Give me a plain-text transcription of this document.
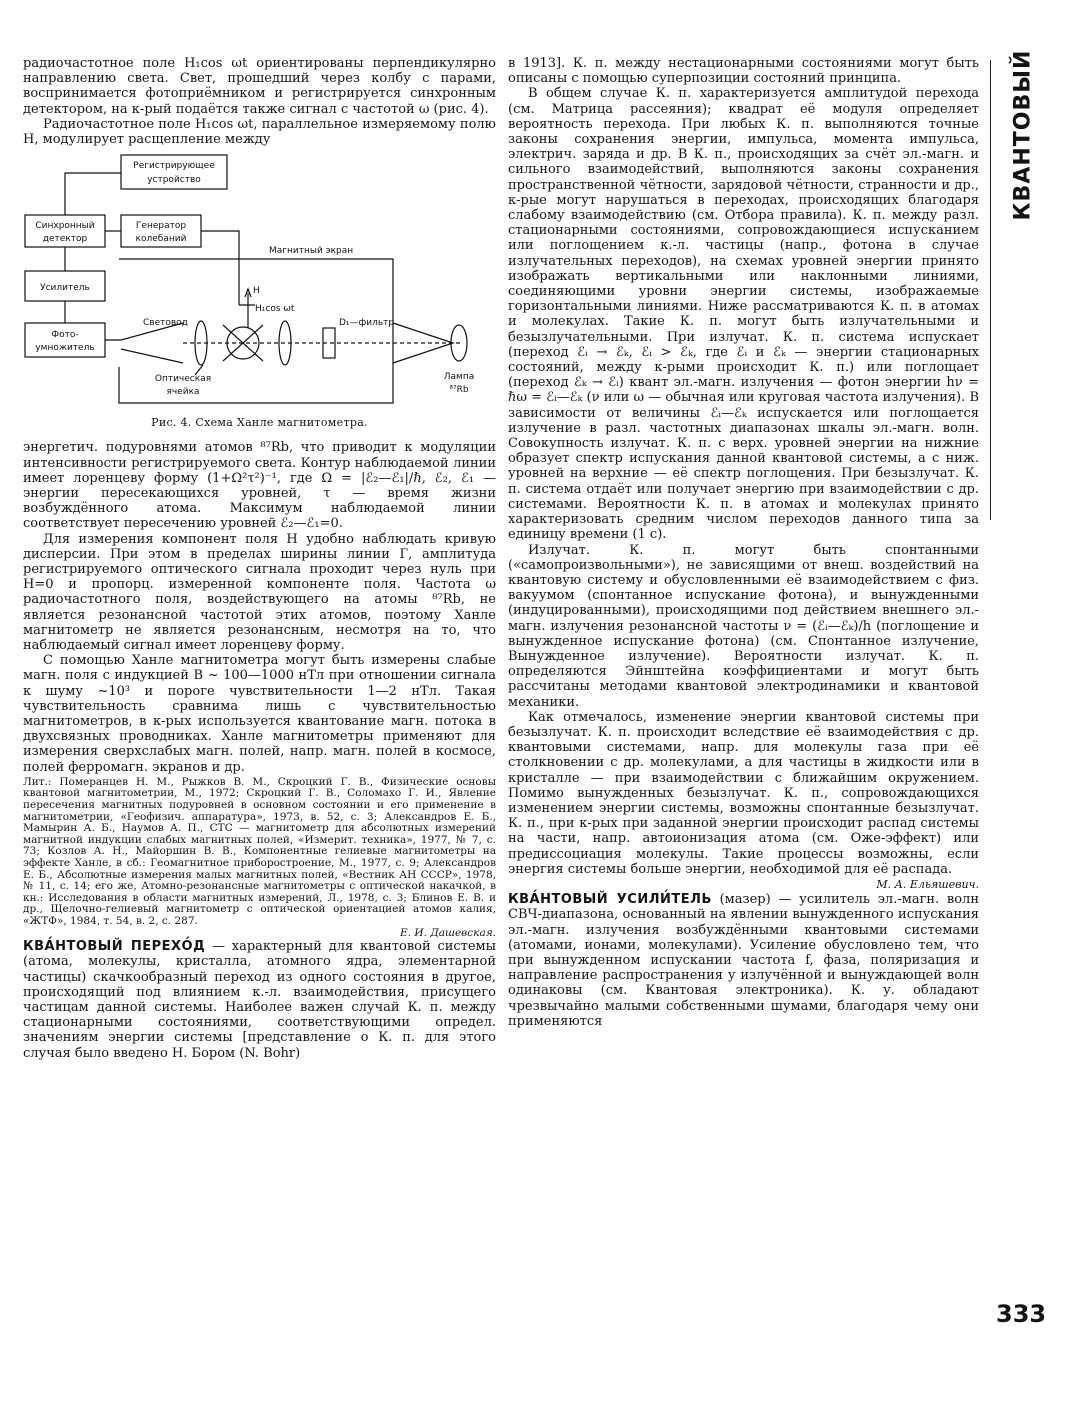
КВАНТОВЫЙ
333

радиочастотное поле H₁cos ωt ориентированы перпендикулярно направлению света. Свет, прошедший через колбу с парами, воспринимается фотоприёмником и регистрируется синхронным детектором, на к-рый подаётся также сигнал с частотой ω (рис. 4).

Радиочастотное поле H₁cos ωt, параллельное измеряемому полю H, модулирует расщепление между

Регистрирующее
устройство
Синхронный
детектор
Генератор
колебаний
Усилитель
Фото-
умножитель
Магнитный экран
H
H₁cos ωt
Световод	D₁—фильтр
Лампа
⁸⁷Rb
Оптическая
ячейка
Рис. 4. Схема Ханле магнитометра.

энергетич. подуровнями атомов ⁸⁷Rb, что приводит к модуляции интенсивности регистрируемого света. Контур наблюдаемой линии имеет лоренцеву форму (1+Ω²τ²)⁻¹, где Ω = |ℰ₂—ℰ₁|/ℏ, ℰ₂, ℰ₁ — энергии пересекающихся уровней, τ — время жизни возбуждённого атома. Максимум наблюдаемой линии соответствует пересечению уровней ℰ₂—ℰ₁=0.

Для измерения компонент поля H удобно наблюдать кривую дисперсии. При этом в пределах ширины линии Г, амплитуда регистрируемого оптического сигнала проходит через нуль при H=0 и пропорц. измеренной компоненте поля. Частота ω радиочастотного поля, воздействующего на атомы ⁸⁷Rb, не является резонансной частотой этих атомов, поэтому Ханле магнитометр не является резонансным, несмотря на то, что наблюдаемый сигнал имеет лоренцеву форму.

С помощью Ханле магнитометра могут быть измерены слабые магн. поля с индукцией B ~ 100—1000 нТл при отношении сигнала к шуму ~10³ и пороге чувствительности 1—2 нТл. Такая чувствительность сравнима лишь с чувствительностью магнитометров, в к-рых используется квантование магн. потока в двухсвязных проводниках. Ханле магнитометры применяют для измерения сверхслабых магн. полей, напр. магн. полей в космосе, полей ферромагн. экранов и др.

Лит.: Померанцев Н. М., Рыжков В. М., Скроцкий Г. В., Физические основы квантовой магнитометрии, М., 1972; Скроцкий Г. В., Соломахо Г. И., Явление пересечения магнитных подуровней в основном состоянии и его применение в магнитометрии, «Геофизич. аппаратура», 1973, в. 52, с. 3; Александров Е. Б., Мамырин А. Б., Наумов А. П., СТС — магнитометр для абсолютных измерений магнитной индукции слабых магнитных полей, «Измерит. техника», 1977, № 7, с. 73; Козлов А. Н., Майоршин В. В., Компонентные гелиевые магнитометры на эффекте Ханле, в сб.: Геомагнитное приборостроение, М., 1977, с. 9; Александров Е. Б., Абсолютные измерения малых магнитных полей, «Вестник АН СССР», 1978, № 11, с. 14; его же, Атомно-резонансные магнитометры с оптической накачкой, в кн.: Исследования в области магнитных измерений, Л., 1978, с. 3; Блинов Е. В. и др., Щелочно-гелиевый магнитометр с оптической ориентацией атомов калия, «ЖТФ», 1984, т. 54, в. 2, с. 287.
Е. И. Дашевская.

КВА́НТОВЫЙ ПЕРЕХО́Д — характерный для квантовой системы (атома, молекулы, кристалла, атомного ядра, элементарной частицы) скачкообразный переход из одного состояния в другое, происходящий под влиянием к.-л. взаимодействия, присущего частицам данной системы. Наиболее важен случай К. п. между стационарными состояниями, соответствующими определ. значениям энергии системы [представление о К. п. для этого случая было введено Н. Бором (N. Bohr)

в 1913]. К. п. между нестационарными состояниями могут быть описаны с помощью суперпозиции состояний принципа.

В общем случае К. п. характеризуется амплитудой перехода (см. Матрица рассеяния); квадрат её модуля определяет вероятность перехода. При любых К. п. выполняются точные законы сохранения энергии, импульса, момента импульса, электрич. заряда и др. В К. п., происходящих за счёт эл.-магн. и сильного взаимодействий, выполняются законы сохранения пространственной чётности, зарядовой чётности, странности и др., к-рые могут нарушаться в переходах, происходящих благодаря слабому взаимодействию (см. Отбора правила). К. п. между разл. стационарными состояниями, сопровождающиеся испусканием или поглощением к.-л. частицы (напр., фотона в случае излучательных переходов), на схемах уровней энергии принято изображать вертикальными или наклонными линиями, соединяющими уровни энергии системы, изображаемые горизонтальными линиями. Ниже рассматриваются К. п. в атомах и молекулах. Такие К. п. могут быть излучательными и безызлучательными. При излучат. К. п. система испускает (переход ℰᵢ → ℰₖ, ℰᵢ > ℰₖ, где ℰᵢ и ℰₖ — энергии стационарных состояний, между к-рыми происходит К. п.) или поглощает (переход ℰₖ → ℰᵢ) квант эл.-магн. излучения — фотон энергии hν = ℏω = ℰᵢ—ℰₖ (ν или ω — обычная или круговая частота излучения). В зависимости от величины ℰᵢ—ℰₖ испускается или поглощается излучение в разл. частотных диапазонах шкалы эл.-магн. волн. Совокупность излучат. К. п. с верх. уровней энергии на нижние образует спектр испускания данной квантовой системы, а с ниж. уровней на верхние — её спектр поглощения. При безызлучат. К. п. система отдаёт или получает энергию при взаимодействии с др. системами. Вероятности К. п. в атомах и молекулах принято характеризовать средним числом переходов данного типа за единицу времени (1 с).

Излучат. К. п. могут быть спонтанными («самопроизвольными»), не зависящими от внеш. воздействий на квантовую систему и обусловленными её взаимодействием с физ. вакуумом (спонтанное испускание фотона), и вынужденными (индуцированными), происходящими под действием внешнего эл.-магн. излучения резонансной частоты ν = (ℰᵢ—ℰₖ)/h (поглощение и вынужденное испускание фотона) (см. Спонтанное излучение, Вынужденное излучение). Вероятности излучат. К. п. определяются Эйнштейна коэффициентами и могут быть рассчитаны методами квантовой электродинамики и квантовой механики.

Как отмечалось, изменение энергии квантовой системы при безызлучат. К. п. происходит вследствие её взаимодействия с др. квантовыми системами, напр. для молекулы газа при её столкновении с др. молекулами, а для частицы в жидкости или в кристалле — при взаимодействии с ближайшим окружением. Помимо вынужденных безызлучат. К. п., сопровождающихся изменением энергии системы, возможны спонтанные безызлучат. К. п., при к-рых при заданной энергии происходит распад системы на части, напр. автоионизация атома (см. Оже-эффект) или предиссоциация молекулы. Такие процессы возможны, если энергия системы больше энергии, необходимой для её распада.

М. А. Ельяшевич.

КВА́НТОВЫЙ УСИЛИ́ТЕЛЬ (мазер) — усилитель эл.-магн. волн СВЧ-диапазона, основанный на явлении вынужденного испускания эл.-магн. излучения возбуждёнными квантовыми системами (атомами, ионами, молекулами). Усиление обусловлено тем, что при вынужденном испускании частота f, фаза, поляризация и направление распространения у излучённой и вынуждающей волн одинаковы (см. Квантовая электроника). К. у. обладают чрезвычайно малыми собственными шумами, благодаря чему они применяются
